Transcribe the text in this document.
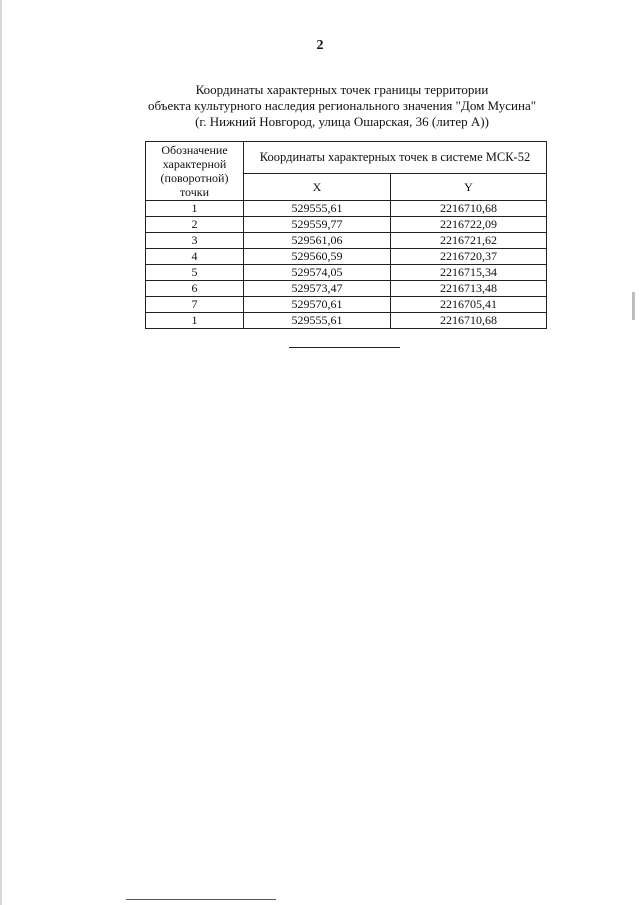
2
Координаты характерных точек границы территории
объекта культурного наследия регионального значения "Дом Мусина"
(г. Нижний Новгород, улица Ошарская, 36 (литер А))
Обозначение характерной (поворотной) точки	Координаты характерных точек в системе МСК-52	
	X	Y
1	529555,61	2216710,68
2	529559,77	2216722,09
3	529561,06	2216721,62
4	529560,59	2216720,37
5	529574,05	2216715,34
6	529573,47	2216713,48
7	529570,61	2216705,41
1	529555,61	2216710,68
